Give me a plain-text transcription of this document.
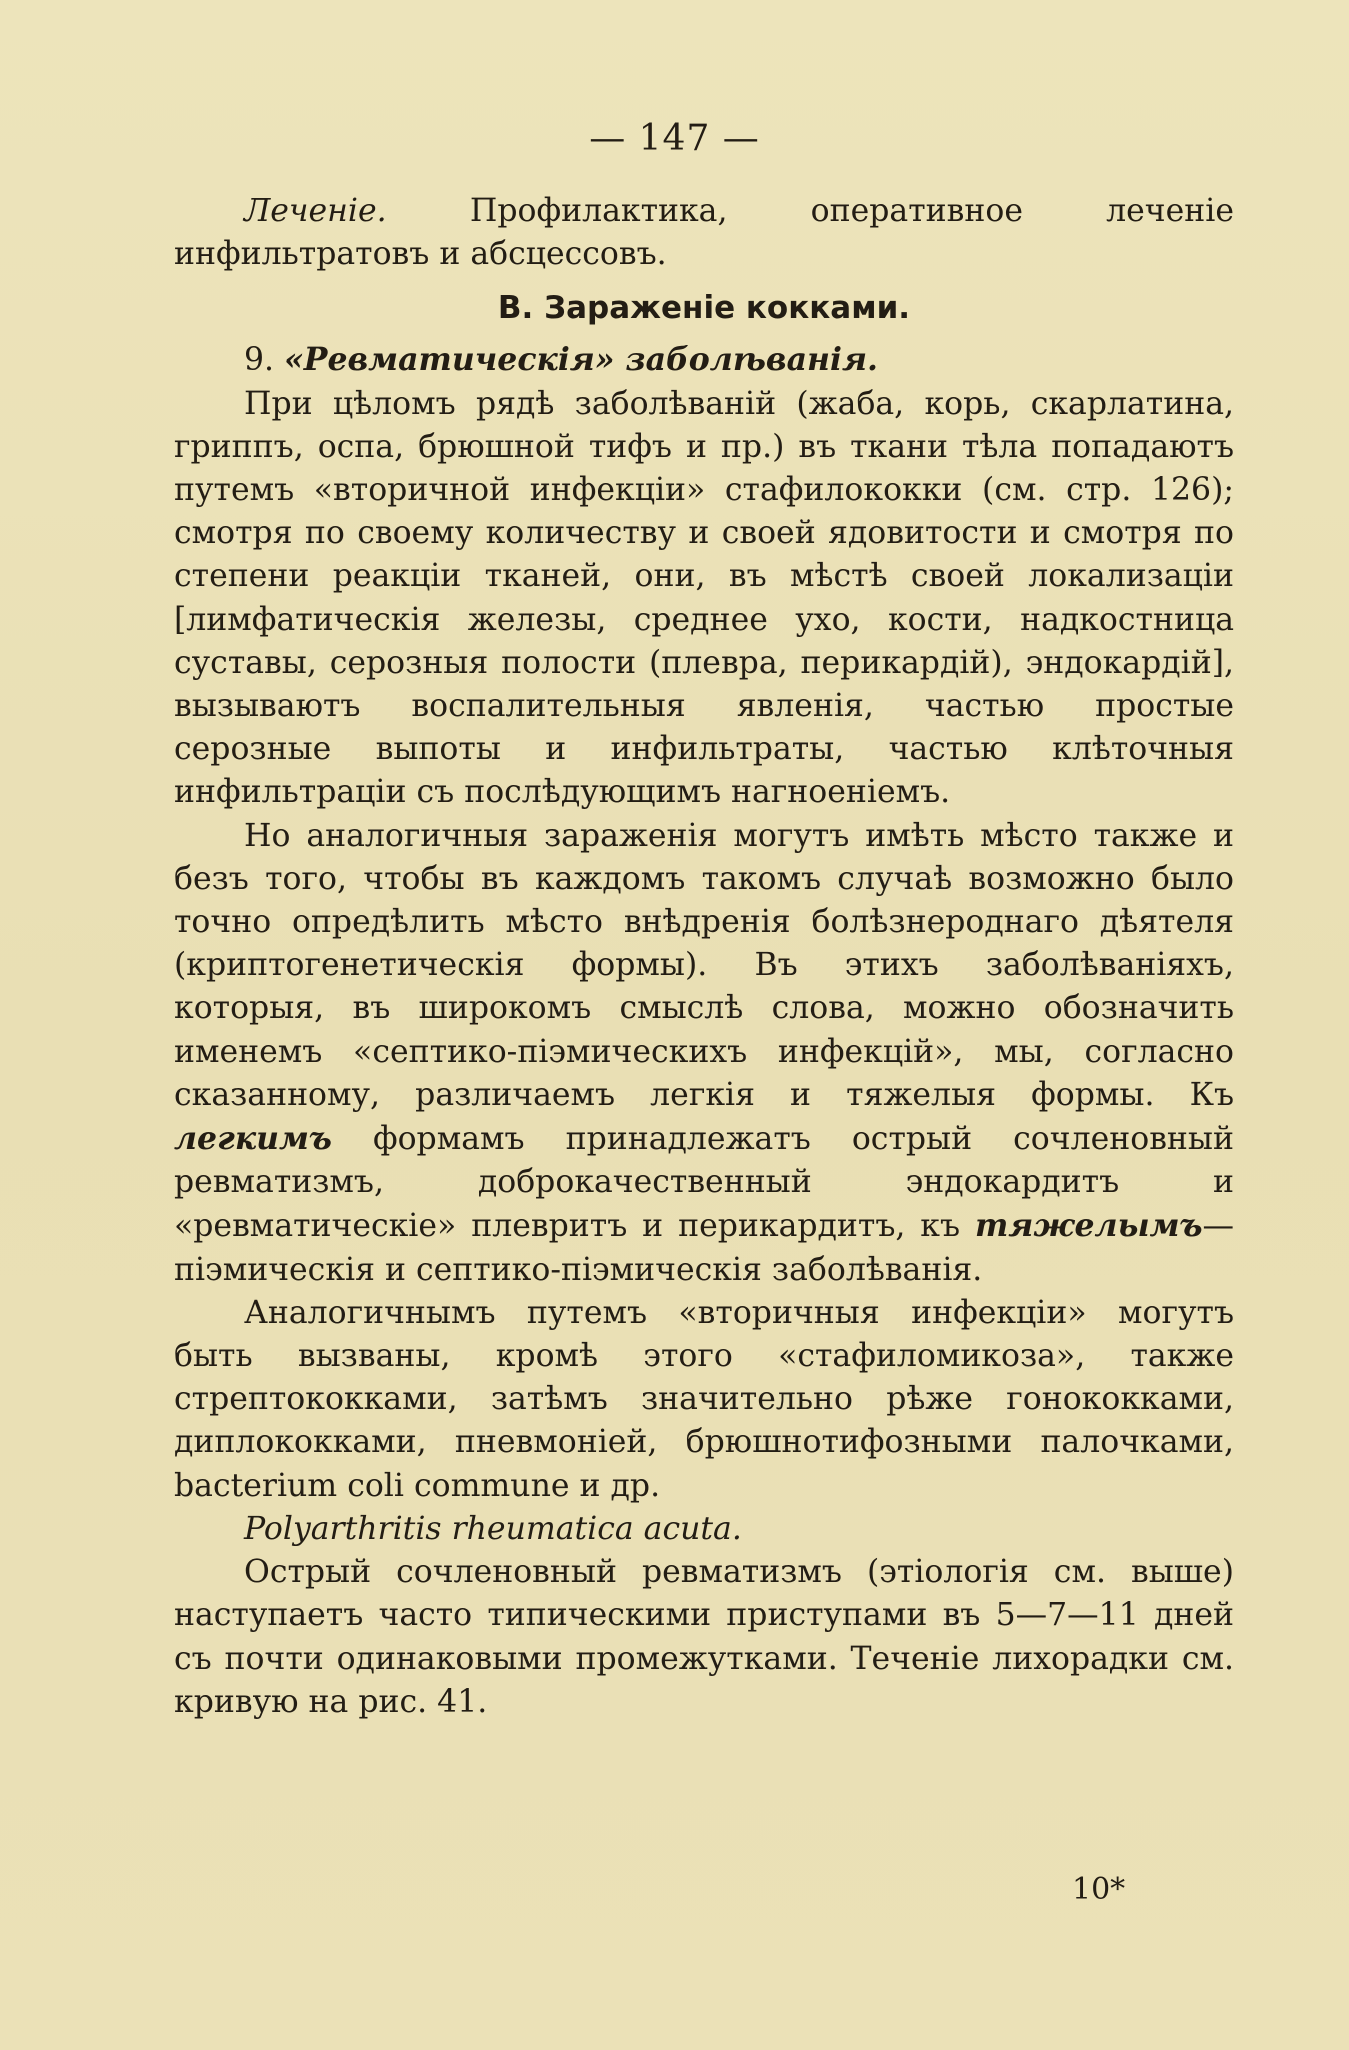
— 147 —

Леченіе. Профилактика, оперативное леченіе инфильтратовъ и абсцессовъ.

B. Зараженіе кокками.

9. «Ревматическія» заболѣванія.

При цѣломъ рядѣ заболѣваній (жаба, корь, скарлатина, гриппъ, оспа, брюшной тифъ и пр.) въ ткани тѣла попадаютъ путемъ «вторичной инфекціи» стафилококки (см. стр. 126); смотря по своему количеству и своей ядовитости и смотря по степени реакціи тканей, они, въ мѣстѣ своей локализаціи [лимфатическія железы, среднее ухо, кости, надкостница суставы, серозныя полости (плевра, перикардій), эндокардій], вызываютъ воспалительныя явленія, частью простые серозные выпоты и инфильтраты, частью клѣточныя инфильтраціи съ послѣдующимъ нагноеніемъ.

Но аналогичныя зараженія могутъ имѣть мѣсто также и безъ того, чтобы въ каждомъ такомъ случаѣ возможно было точно опредѣлить мѣсто внѣдренія болѣзнероднаго дѣятеля (криптогенетическія формы). Въ этихъ заболѣваніяхъ, которыя, въ широкомъ смыслѣ слова, можно обозначить именемъ «септико-піэмическихъ инфекцій», мы, согласно сказанному, различаемъ легкія и тяжелыя формы. Къ легкимъ формамъ принадлежатъ острый сочленовный ревматизмъ, доброкачественный эндокардитъ и «ревматическіе» плевритъ и перикардитъ, къ тяжелымъ—піэмическія и септико-піэмическія заболѣванія.

Аналогичнымъ путемъ «вторичныя инфекціи» могутъ быть вызваны, кромѣ этого «стафиломикоза», также стрептококками, затѣмъ значительно рѣже гонококками, диплококками, пневмоніей, брюшнотифозными палочками, bacterium coli commune и др.

Polyarthritis rheumatica acuta.

Острый сочленовный ревматизмъ (этіологія см. выше) наступаетъ часто типическими приступами въ 5—7—11 дней съ почти одинаковыми промежутками. Теченіе лихорадки см. кривую на рис. 41.

10*
